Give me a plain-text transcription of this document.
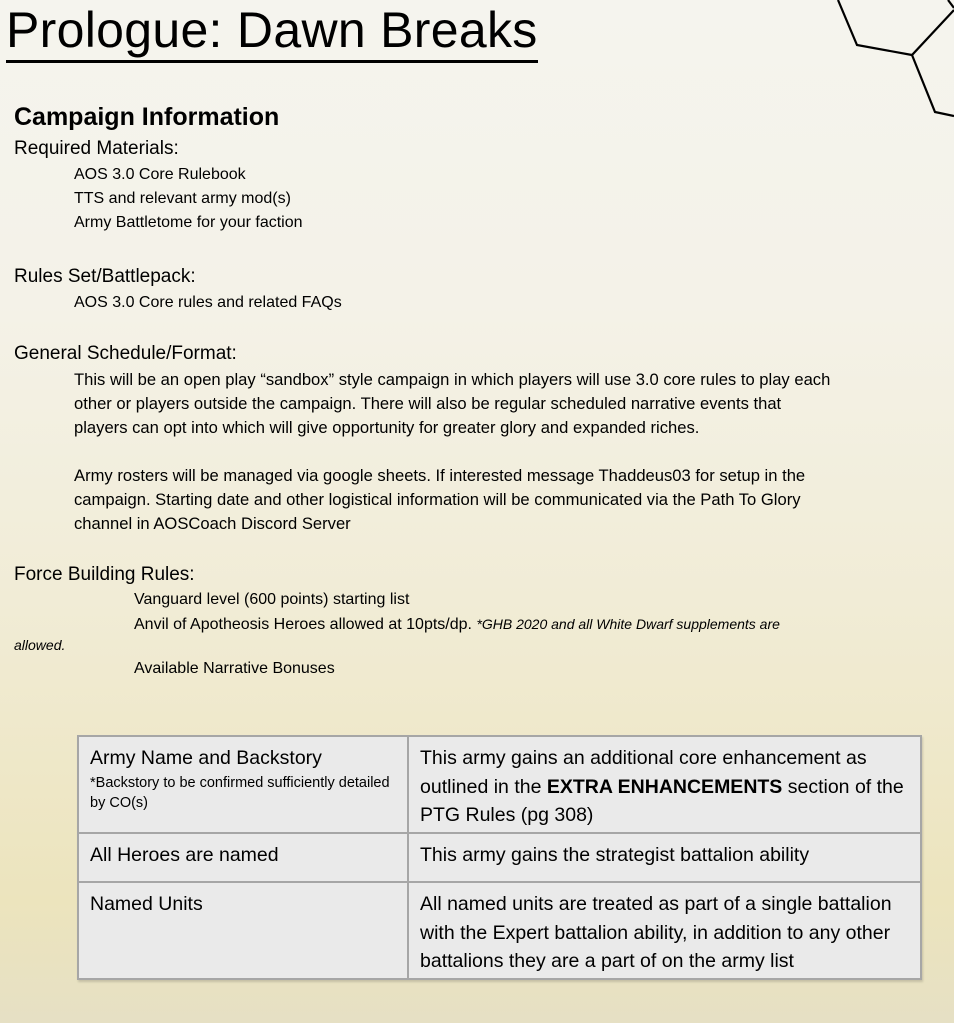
Prologue: Dawn Breaks
Campaign Information

Required Materials:

AOS 3.0 Core Rulebook

TTS and relevant army mod(s)

Army Battletome for your faction

Rules Set/Battlepack:

AOS 3.0 Core rules and related FAQs

General Schedule/Format:

This will be an open play “sandbox” style campaign in which players will use 3.0 core rules to play each

other or players outside the campaign. There will also be regular scheduled narrative events that

players can opt into which will give opportunity for greater glory and expanded riches.

Army rosters will be managed via google sheets. If interested message Thaddeus03 for setup in the

campaign. Starting date and other logistical information will be communicated via the Path To Glory

channel in AOSCoach Discord Server

Force Building Rules:

Vanguard level (600 points) starting list

Anvil of Apotheosis Heroes allowed at 10pts/dp. *GHB 2020 and all White Dwarf supplements are

allowed.

Available Narrative Bonuses

Army Name and Backstory
*Backstory to be confirmed sufficiently detailed by CO(s)	This army gains an additional core enhancement as outlined in the EXTRA ENHANCEMENTS section of the PTG Rules (pg 308)
All Heroes are named	This army gains the strategist battalion ability
Named Units	All named units are treated as part of a single battalion with the Expert battalion ability, in addition to any other battalions they are a part of on the army list
